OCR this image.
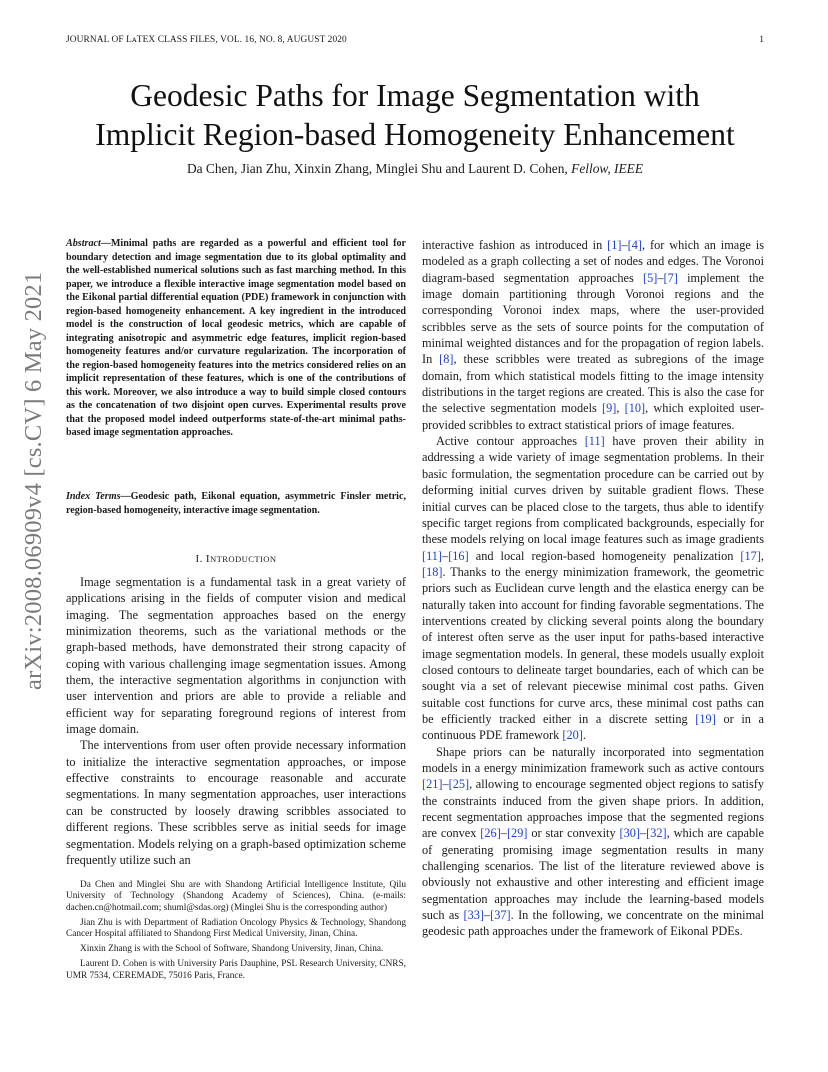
JOURNAL OF LᴀTEX CLASS FILES, VOL. 16, NO. 8, AUGUST 2020	1
arXiv:2008.06909v4 [cs.CV] 6 May 2021
Geodesic Paths for Image Segmentation with
Implicit Region-based Homogeneity Enhancement
Da Chen, Jian Zhu, Xinxin Zhang, Minglei Shu and Laurent D. Cohen, Fellow, IEEE
Abstract—Minimal paths are regarded as a powerful and efficient tool for boundary detection and image segmentation due to its global optimality and the well-established numerical solutions such as fast marching method. In this paper, we introduce a flexible interactive image segmentation model based on the Eikonal partial differential equation (PDE) framework in conjunction with region-based homogeneity enhancement. A key ingredient in the introduced model is the construction of local geodesic metrics, which are capable of integrating anisotropic and asymmetric edge features, implicit region-based homogeneity features and/or curvature regularization. The incorporation of the region-based homogeneity features into the metrics considered relies on an implicit representation of these features, which is one of the contributions of this work. Moreover, we also introduce a way to build simple closed contours as the concatenation of two disjoint open curves. Experimental results prove that the proposed model indeed outperforms state-of-the-art minimal paths-based image segmentation approaches.
Index Terms—Geodesic path, Eikonal equation, asymmetric Finsler metric, region-based homogeneity, interactive image segmentation.
I. INTRODUCTION

Image segmentation is a fundamental task in a great variety of applications arising in the fields of computer vision and medical imaging. The segmentation approaches based on the energy minimization theorems, such as the variational methods or the graph-based methods, have demonstrated their strong capacity of coping with various challenging image segmentation issues. Among them, the interactive segmentation algorithms in conjunction with user intervention and priors are able to provide a reliable and efficient way for separating foreground regions of interest from image domain.

The interventions from user often provide necessary information to initialize the interactive segmentation approaches, or impose effective constraints to encourage reasonable and accurate segmentations. In many segmentation approaches, user interactions can be constructed by loosely drawing scribbles associated to different regions. These scribbles serve as initial seeds for image segmentation. Models relying on a graph-based optimization scheme frequently utilize such an

Da Chen and Minglei Shu are with Shandong Artificial Intelligence Institute, Qilu University of Technology (Shandong Academy of Sciences), China. (e-mails: dachen.cn@hotmail.com; shuml@sdas.org) (Minglei Shu is the corresponding author)

Jian Zhu is with Department of Radiation Oncology Physics & Technology, Shandong Cancer Hospital affiliated to Shandong First Medical University, Jinan, China.

Xinxin Zhang is with the School of Software, Shandong University, Jinan, China.

Laurent D. Cohen is with University Paris Dauphine, PSL Research University, CNRS, UMR 7534, CEREMADE, 75016 Paris, France.

interactive fashion as introduced in [1]–[4], for which an image is modeled as a graph collecting a set of nodes and edges. The Voronoi diagram-based segmentation approaches [5]–[7] implement the image domain partitioning through Voronoi regions and the corresponding Voronoi index maps, where the user-provided scribbles serve as the sets of source points for the computation of minimal weighted distances and for the propagation of region labels. In [8], these scribbles were treated as subregions of the image domain, from which statistical models fitting to the image intensity distributions in the target regions are created. This is also the case for the selective segmentation models [9], [10], which exploited user-provided scribbles to extract statistical priors of image features.

Active contour approaches [11] have proven their ability in addressing a wide variety of image segmentation problems. In their basic formulation, the segmentation procedure can be carried out by deforming initial curves driven by suitable gradient flows. These initial curves can be placed close to the targets, thus able to identify specific target regions from complicated backgrounds, especially for these models relying on local image features such as image gradients [11]–[16] and local region-based homogeneity penalization [17], [18]. Thanks to the energy minimization framework, the geometric priors such as Euclidean curve length and the elastica energy can be naturally taken into account for finding favorable segmentations. The interventions created by clicking several points along the boundary of interest often serve as the user input for paths-based interactive image segmentation models. In general, these models usually exploit closed contours to delineate target boundaries, each of which can be sought via a set of relevant piecewise minimal cost paths. Given suitable cost functions for curve arcs, these minimal cost paths can be efficiently tracked either in a discrete setting [19] or in a continuous PDE framework [20].

Shape priors can be naturally incorporated into segmentation models in a energy minimization framework such as active contours [21]–[25], allowing to encourage segmented object regions to satisfy the constraints induced from the given shape priors. In addition, recent segmentation approaches impose that the segmented regions are convex [26]–[29] or star convexity [30]–[32], which are capable of generating promising image segmentation results in many challenging scenarios. The list of the literature reviewed above is obviously not exhaustive and other interesting and efficient image segmentation approaches may include the learning-based models such as [33]–[37]. In the following, we concentrate on the minimal geodesic path approaches under the framework of Eikonal PDEs.
